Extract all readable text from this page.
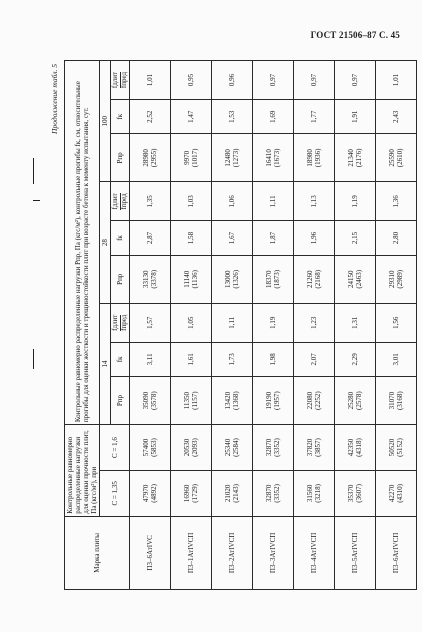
ГОСТ 21506–87 С. 45
Продолжение табл. 5
Марка плиты	Контрольные равномерно распределенные нагрузки для оценки прочности плит, Па (кгс/м²), при		Контрольные равномерно распределенные нагрузки Pпр, Па (кгс/м²), контрольные прогибы fк, см, относительные прогибы для оценки жесткости и трещиностойкости плит при возрасте бетона к моменту испытания, сут.								
	C = 1,35	C = 1,6	14			28			100		
			Pпр	fк	fдлит fпред	Pпр	fк	fдлит fпред	Pпр	fк	fдлит fпред

П3–6АтIVС	47970 (4892)	57400 (5853)	35090 (3578)	3,11	1,57	33130 (3378)	2,87	1,35	28980 (2955)	2,52	1,01
П3–1АтIVСП	16960 (1729)	20530 (2093)	11350 (1157)	1,61	1,05	11140 (1136)	1,58	1,03	9970 (1017)	1,47	0,95
П3–2АтIVСП	21020 (2143)	25340 (2584)	13420 (1368)	1,73	1,11	13000 (1326)	1,67	1,06	12480 (1273)	1,53	0,96
П3–3АтIVСП	32870 (3352)	32870 (3352)	19190 (1957)	1,98	1,19	18370 (1873)	1,87	1,11	16410 (1673)	1,69	0,97
П3–4АтIVСП	31560 (3218)	37820 (3857)	22080 (2252)	2,07	1,23	21260 (2168)	1,96	1,13	18980 (1936)	1,77	0,97
П3–5АтIVСП	35370 (3607)	42350 (4318)	25280 (2578)	2,29	1,31	24150 (2463)	2,15	1,19	21340 (2176)	1,91	0,97
П3–6АтIVСП	42270 (4310)	50520 (5152)	31070 (3168)	3,01	1,56	29310 (2989)	2,80	1,36	25590 (2610)	2,43	1,01
